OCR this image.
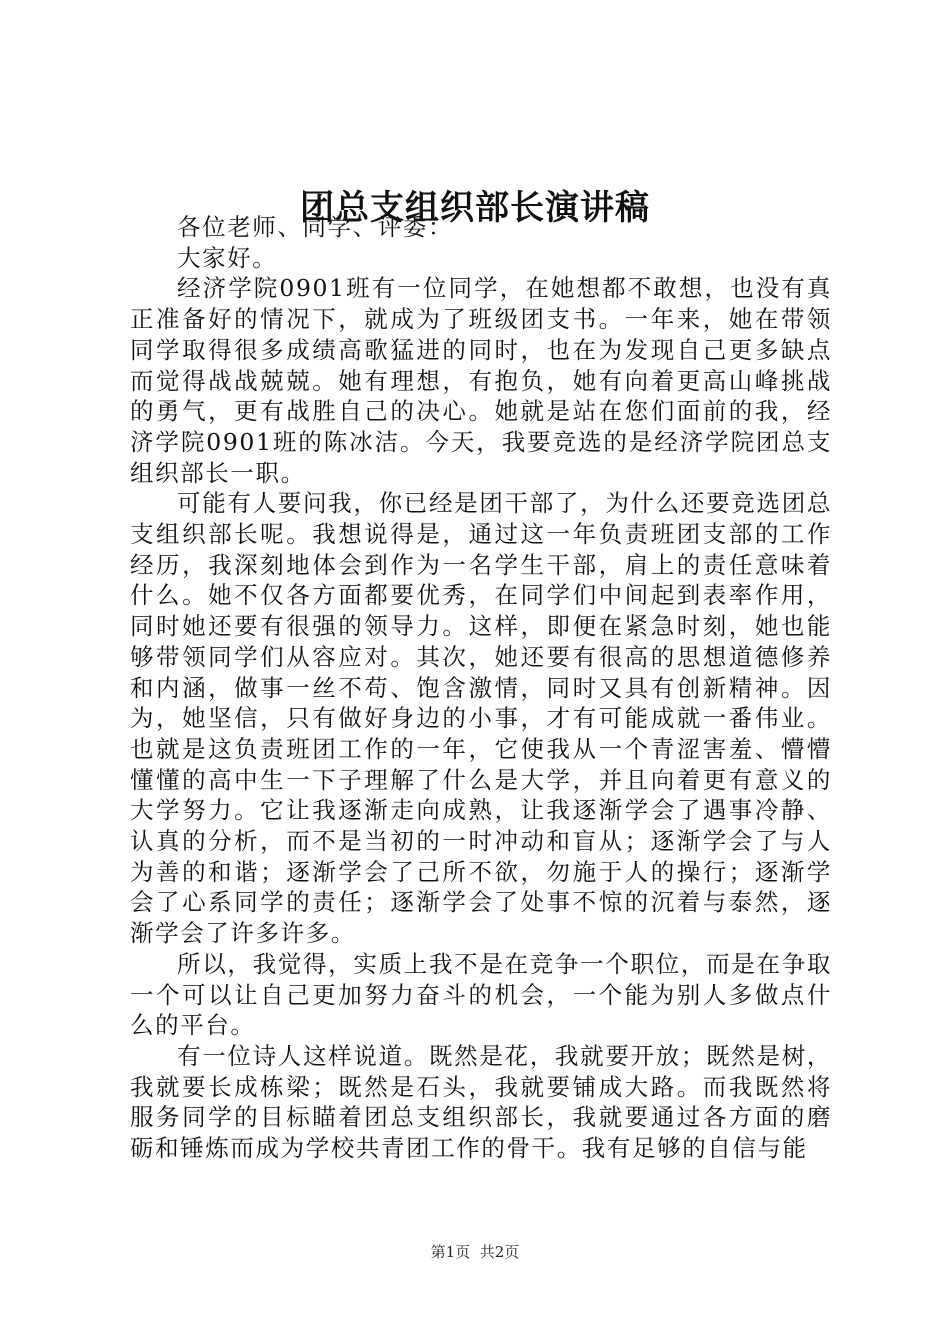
团总支组织部长演讲稿

各位老师、同学、评委：

大家好。

经济学院0901班有一位同学，在她想都不敢想，也没有真正准备好的情况下，就成为了班级团支书。一年来，她在带领同学取得很多成绩高歌猛进的同时，也在为发现自己更多缺点而觉得战战兢兢。她有理想，有抱负，她有向着更高山峰挑战的勇气，更有战胜自己的决心。她就是站在您们面前的我，经济学院0901班的陈冰洁。今天，我要竞选的是经济学院团总支组织部长一职。

可能有人要问我，你已经是团干部了，为什么还要竞选团总支组织部长呢。我想说得是，通过这一年负责班团支部的工作经历，我深刻地体会到作为一名学生干部，肩上的责任意味着什么。她不仅各方面都要优秀，在同学们中间起到表率作用，同时她还要有很强的领导力。这样，即便在紧急时刻，她也能够带领同学们从容应对。其次，她还要有很高的思想道德修养和内涵，做事一丝不苟、饱含激情，同时又具有创新精神。因为，她坚信，只有做好身边的小事，才有可能成就一番伟业。也就是这负责班团工作的一年，它使我从一个青涩害羞、懵懵懂懂的高中生一下子理解了什么是大学，并且向着更有意义的大学努力。它让我逐渐走向成熟，让我逐渐学会了遇事冷静、认真的分析，而不是当初的一时冲动和盲从；逐渐学会了与人为善的和谐；逐渐学会了己所不欲，勿施于人的操行；逐渐学会了心系同学的责任；逐渐学会了处事不惊的沉着与泰然，逐渐学会了许多许多。

所以，我觉得，实质上我不是在竞争一个职位，而是在争取一个可以让自己更加努力奋斗的机会，一个能为别人多做点什么的平台。

有一位诗人这样说道。既然是花，我就要开放；既然是树，我就要长成栋梁；既然是石头，我就要铺成大路。而我既然将服务同学的目标瞄着团总支组织部长，我就要通过各方面的磨砺和锤炼而成为学校共青团工作的骨干。我有足够的自信与能

第1页 共2页
